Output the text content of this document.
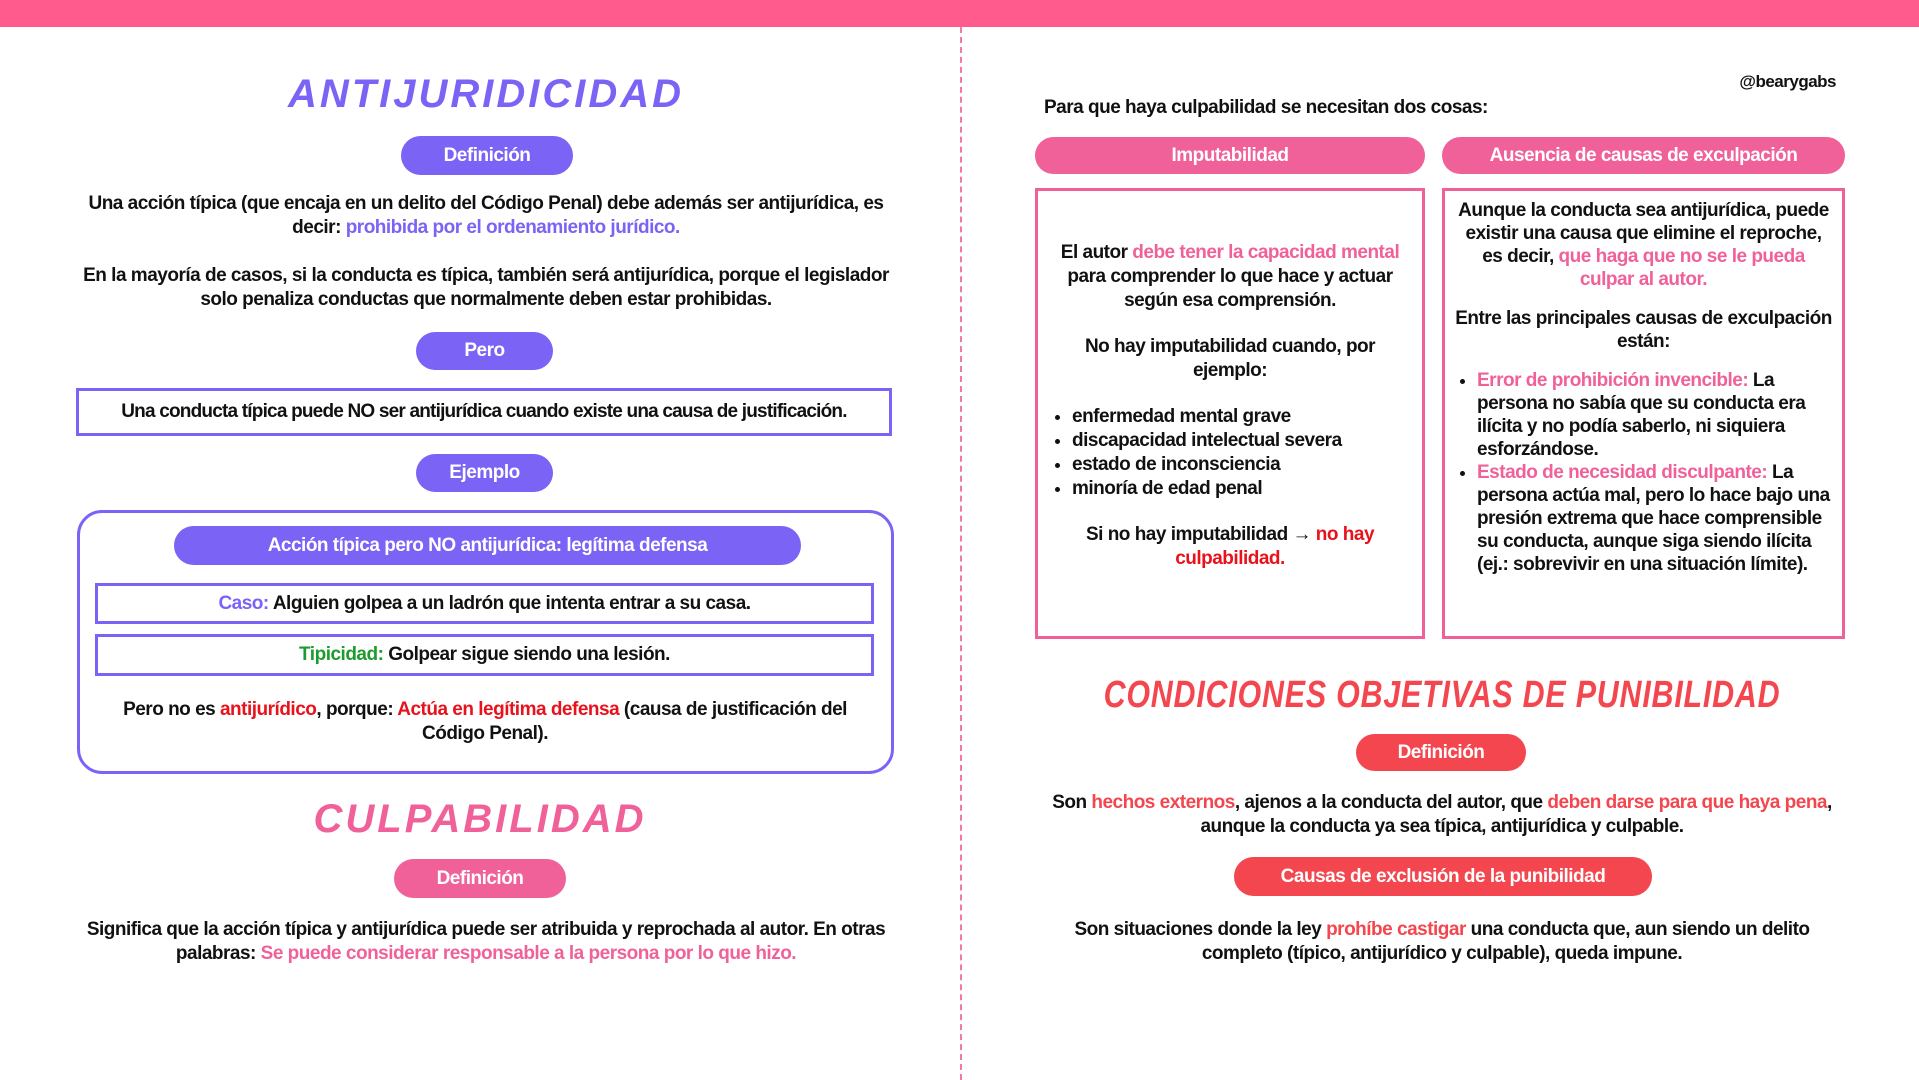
ANTIJURIDICIDAD
Definición
Una acción típica (que encaja en un delito del Código Penal) debe además ser antijurídica, es decir: prohibida por el ordenamiento jurídico.
En la mayoría de casos, si la conducta es típica, también será antijurídica, porque el legislador solo penaliza conductas que normalmente deben estar prohibidas.
Pero
Una conducta típica puede NO ser antijurídica cuando existe una causa de justificación.
Ejemplo
Acción típica pero NO antijurídica: legítima defensa
Caso: Alguien golpea a un ladrón que intenta entrar a su casa.
Tipicidad: Golpear sigue siendo una lesión.
Pero no es antijurídico, porque: Actúa en legítima defensa (causa de justificación del Código Penal).
CULPABILIDAD
Definición
Significa que la acción típica y antijurídica puede ser atribuida y reprochada al autor. En otras palabras: Se puede considerar responsable a la persona por lo que hizo.
@bearygabs
Para que haya culpabilidad se necesitan dos cosas:
Imputabilidad	Ausencia de causas de exculpación
El autor debe tener la capacidad mental para comprender lo que hace y actuar según esa comprensión.
No hay imputabilidad cuando, por ejemplo:
• enfermedad mental grave
• discapacidad intelectual severa
• estado de inconsciencia
• minoría de edad penal
Si no hay imputabilidad → no hay culpabilidad.
Aunque la conducta sea antijurídica, puede existir una causa que elimine el reproche, es decir, que haga que no se le pueda culpar al autor.
Entre las principales causas de exculpación están:
• Error de prohibición invencible: La persona no sabía que su conducta era ilícita y no podía saberlo, ni siquiera esforzándose.
• Estado de necesidad disculpante: La persona actúa mal, pero lo hace bajo una presión extrema que hace comprensible su conducta, aunque siga siendo ilícita (ej.: sobrevivir en una situación límite).
CONDICIONES OBJETIVAS DE PUNIBILIDAD
Definición
Son hechos externos, ajenos a la conducta del autor, que deben darse para que haya pena, aunque la conducta ya sea típica, antijurídica y culpable.
Causas de exclusión de la punibilidad
Son situaciones donde la ley prohíbe castigar una conducta que, aun siendo un delito completo (típico, antijurídico y culpable), queda impune.
